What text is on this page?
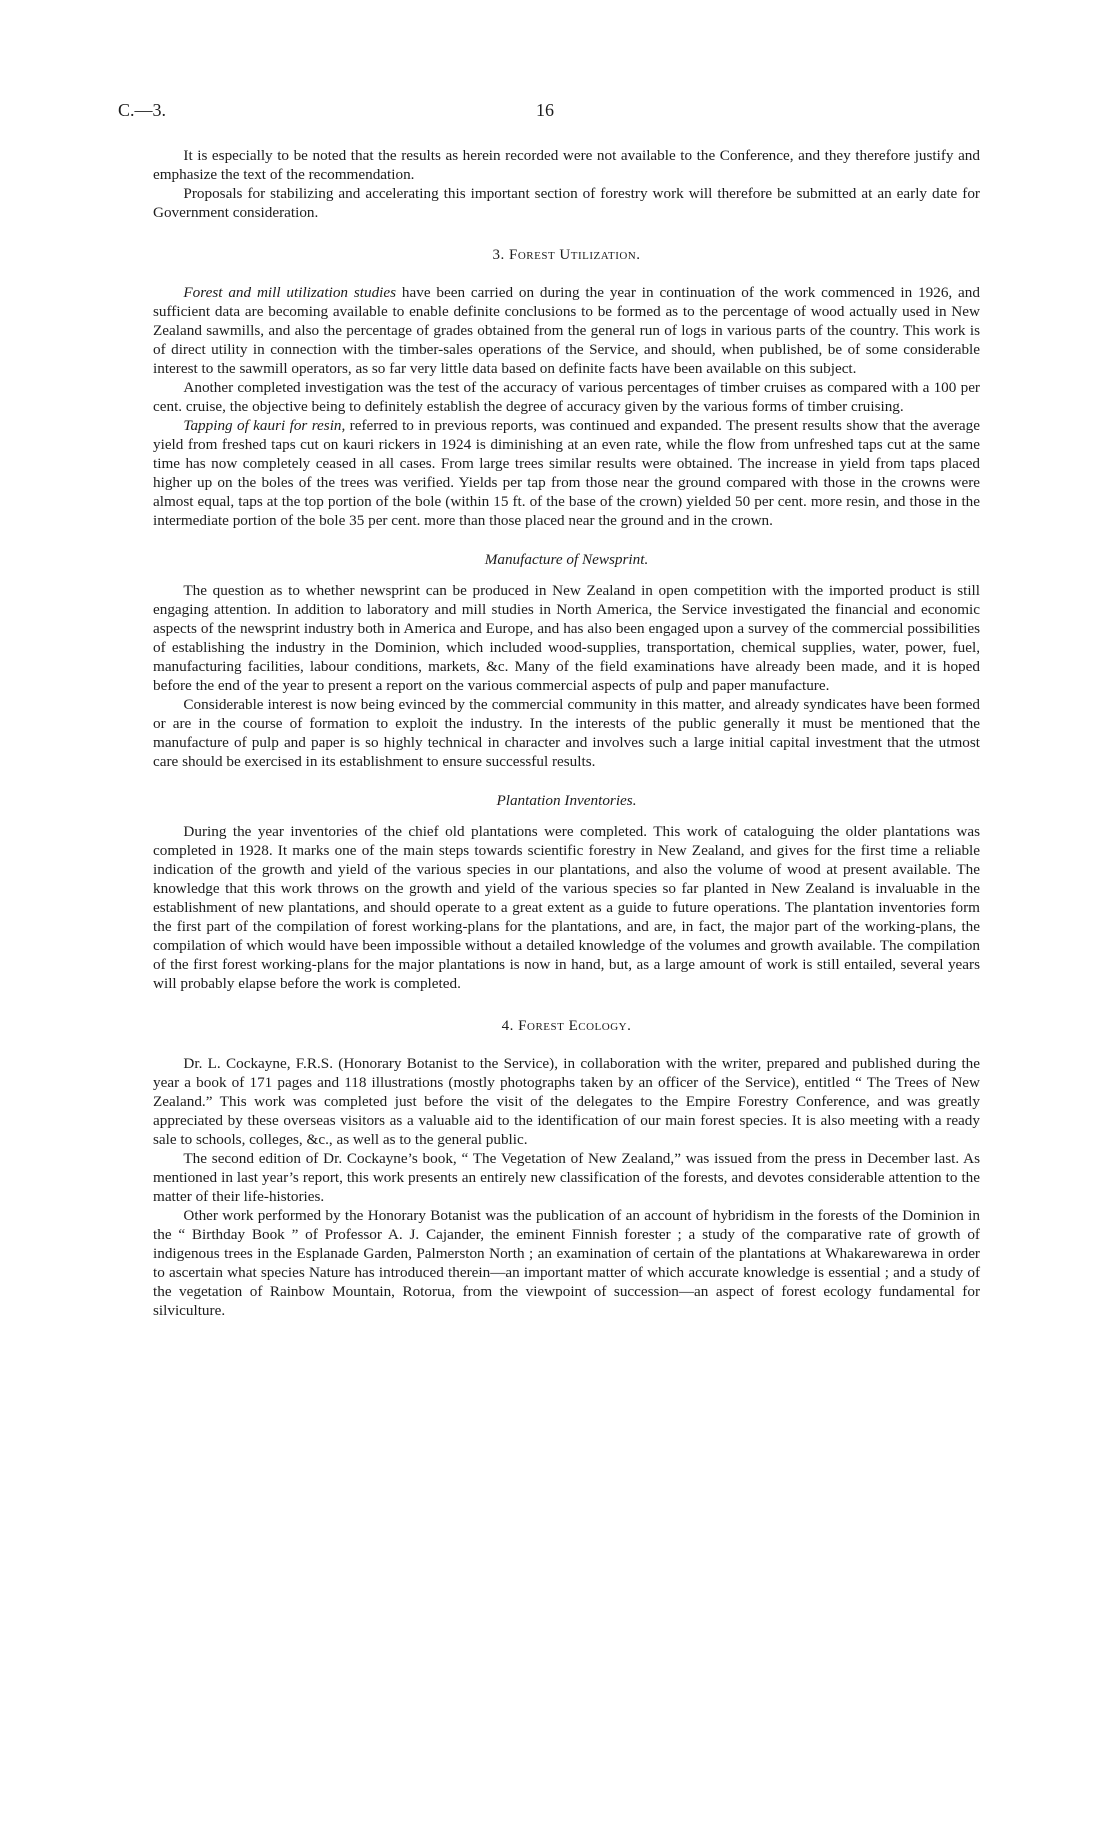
C.—3.	16

It is especially to be noted that the results as herein recorded were not available to the Conference, and they therefore justify and emphasize the text of the recommendation.

Proposals for stabilizing and accelerating this important section of forestry work will therefore be submitted at an early date for Government consideration.

3. Forest Utilization.

Forest and mill utilization studies have been carried on during the year in continuation of the work commenced in 1926, and sufficient data are becoming available to enable definite conclusions to be formed as to the percentage of wood actually used in New Zealand sawmills, and also the percentage of grades obtained from the general run of logs in various parts of the country. This work is of direct utility in connection with the timber-sales operations of the Service, and should, when published, be of some considerable interest to the sawmill operators, as so far very little data based on definite facts have been available on this subject.

Another completed investigation was the test of the accuracy of various percentages of timber cruises as compared with a 100 per cent. cruise, the objective being to definitely establish the degree of accuracy given by the various forms of timber cruising.

Tapping of kauri for resin, referred to in previous reports, was continued and expanded. The present results show that the average yield from freshed taps cut on kauri rickers in 1924 is diminishing at an even rate, while the flow from unfreshed taps cut at the same time has now completely ceased in all cases. From large trees similar results were obtained. The increase in yield from taps placed higher up on the boles of the trees was verified. Yields per tap from those near the ground compared with those in the crowns were almost equal, taps at the top portion of the bole (within 15 ft. of the base of the crown) yielded 50 per cent. more resin, and those in the intermediate portion of the bole 35 per cent. more than those placed near the ground and in the crown.

Manufacture of Newsprint.

The question as to whether newsprint can be produced in New Zealand in open competition with the imported product is still engaging attention. In addition to laboratory and mill studies in North America, the Service investigated the financial and economic aspects of the newsprint industry both in America and Europe, and has also been engaged upon a survey of the commercial possibilities of establishing the industry in the Dominion, which included wood-supplies, transportation, chemical supplies, water, power, fuel, manufacturing facilities, labour conditions, markets, &c. Many of the field examinations have already been made, and it is hoped before the end of the year to present a report on the various commercial aspects of pulp and paper manufacture.

Considerable interest is now being evinced by the commercial community in this matter, and already syndicates have been formed or are in the course of formation to exploit the industry. In the interests of the public generally it must be mentioned that the manufacture of pulp and paper is so highly technical in character and involves such a large initial capital investment that the utmost care should be exercised in its establishment to ensure successful results.

Plantation Inventories.

During the year inventories of the chief old plantations were completed. This work of cataloguing the older plantations was completed in 1928. It marks one of the main steps towards scientific forestry in New Zealand, and gives for the first time a reliable indication of the growth and yield of the various species in our plantations, and also the volume of wood at present available. The knowledge that this work throws on the growth and yield of the various species so far planted in New Zealand is invaluable in the establishment of new plantations, and should operate to a great extent as a guide to future operations. The plantation inventories form the first part of the compilation of forest working-plans for the plantations, and are, in fact, the major part of the working-plans, the compilation of which would have been impossible without a detailed knowledge of the volumes and growth available. The compilation of the first forest working-plans for the major plantations is now in hand, but, as a large amount of work is still entailed, several years will probably elapse before the work is completed.

4. Forest Ecology.

Dr. L. Cockayne, F.R.S. (Honorary Botanist to the Service), in collaboration with the writer, prepared and published during the year a book of 171 pages and 118 illustrations (mostly photographs taken by an officer of the Service), entitled “ The Trees of New Zealand.” This work was completed just before the visit of the delegates to the Empire Forestry Conference, and was greatly appreciated by these overseas visitors as a valuable aid to the identification of our main forest species. It is also meeting with a ready sale to schools, colleges, &c., as well as to the general public.

The second edition of Dr. Cockayne’s book, “ The Vegetation of New Zealand,” was issued from the press in December last. As mentioned in last year’s report, this work presents an entirely new classification of the forests, and devotes considerable attention to the matter of their life-histories.

Other work performed by the Honorary Botanist was the publication of an account of hybridism in the forests of the Dominion in the “ Birthday Book ” of Professor A. J. Cajander, the eminent Finnish forester ; a study of the comparative rate of growth of indigenous trees in the Esplanade Garden, Palmerston North ; an examination of certain of the plantations at Whakarewarewa in order to ascertain what species Nature has introduced therein—an important matter of which accurate knowledge is essential ; and a study of the vegetation of Rainbow Mountain, Rotorua, from the viewpoint of succession—an aspect of forest ecology fundamental for silviculture.
